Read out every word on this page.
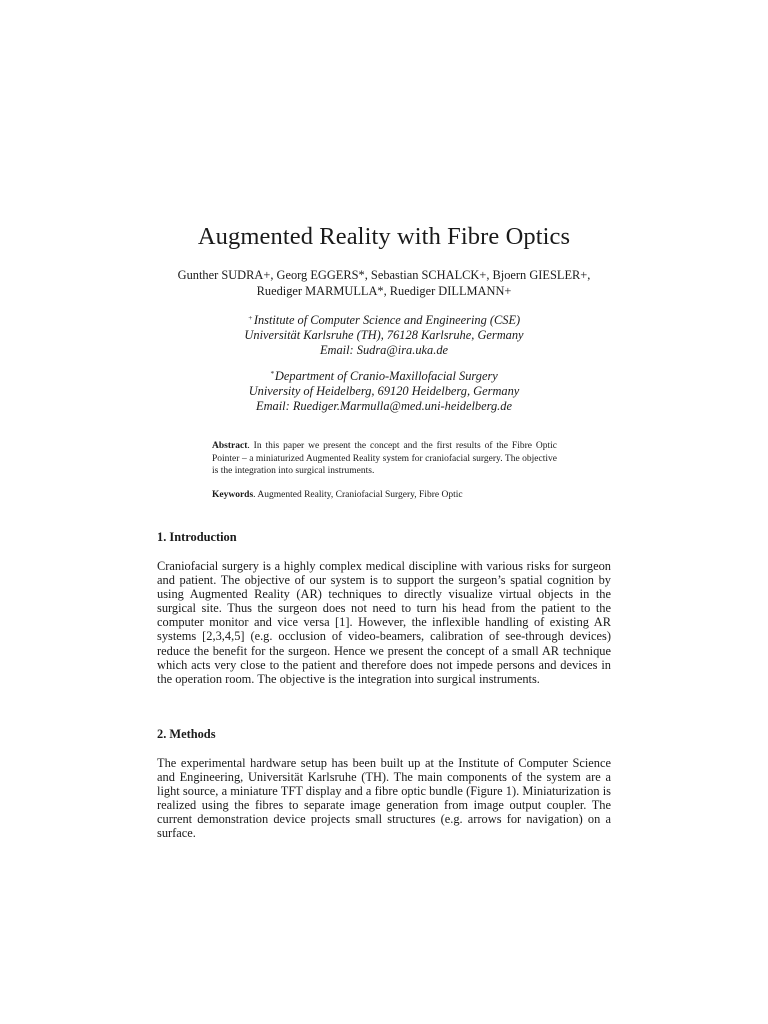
Augmented Reality with Fibre Optics
Gunther SUDRA+, Georg EGGERS*, Sebastian SCHALCK+, Bjoern GIESLER+,
Ruediger MARMULLA*, Ruediger DILLMANN+
+Institute of Computer Science and Engineering (CSE)
Universität Karlsruhe (TH), 76128 Karlsruhe, Germany
Email: Sudra@ira.uka.de
*Department of Cranio-Maxillofacial Surgery
University of Heidelberg, 69120 Heidelberg, Germany
Email: Ruediger.Marmulla@med.uni-heidelberg.de
Abstract. In this paper we present the concept and the first results of the Fibre Optic Pointer – a miniaturized Augmented Reality system for craniofacial surgery. The objective is the integration into surgical instruments.
Keywords. Augmented Reality, Craniofacial Surgery, Fibre Optic
1. Introduction
Craniofacial surgery is a highly complex medical discipline with various risks for surgeon and patient. The objective of our system is to support the surgeon’s spatial cognition by using Augmented Reality (AR) techniques to directly visualize virtual objects in the surgical site. Thus the surgeon does not need to turn his head from the patient to the computer monitor and vice versa [1]. However, the inflexible handling of existing AR systems [2,3,4,5] (e.g. occlusion of video-beamers, calibration of see-through devices) reduce the benefit for the surgeon. Hence we present the concept of a small AR technique which acts very close to the patient and therefore does not impede persons and devices in the operation room. The objective is the integration into surgical instruments.
2. Methods
The experimental hardware setup has been built up at the Institute of Computer Science and Engineering, Universität Karlsruhe (TH). The main components of the system are a light source, a miniature TFT display and a fibre optic bundle (Figure 1). Miniaturization is realized using the fibres to separate image generation from image output coupler. The current demonstration device projects small structures (e.g. arrows for navigation) on a surface.
